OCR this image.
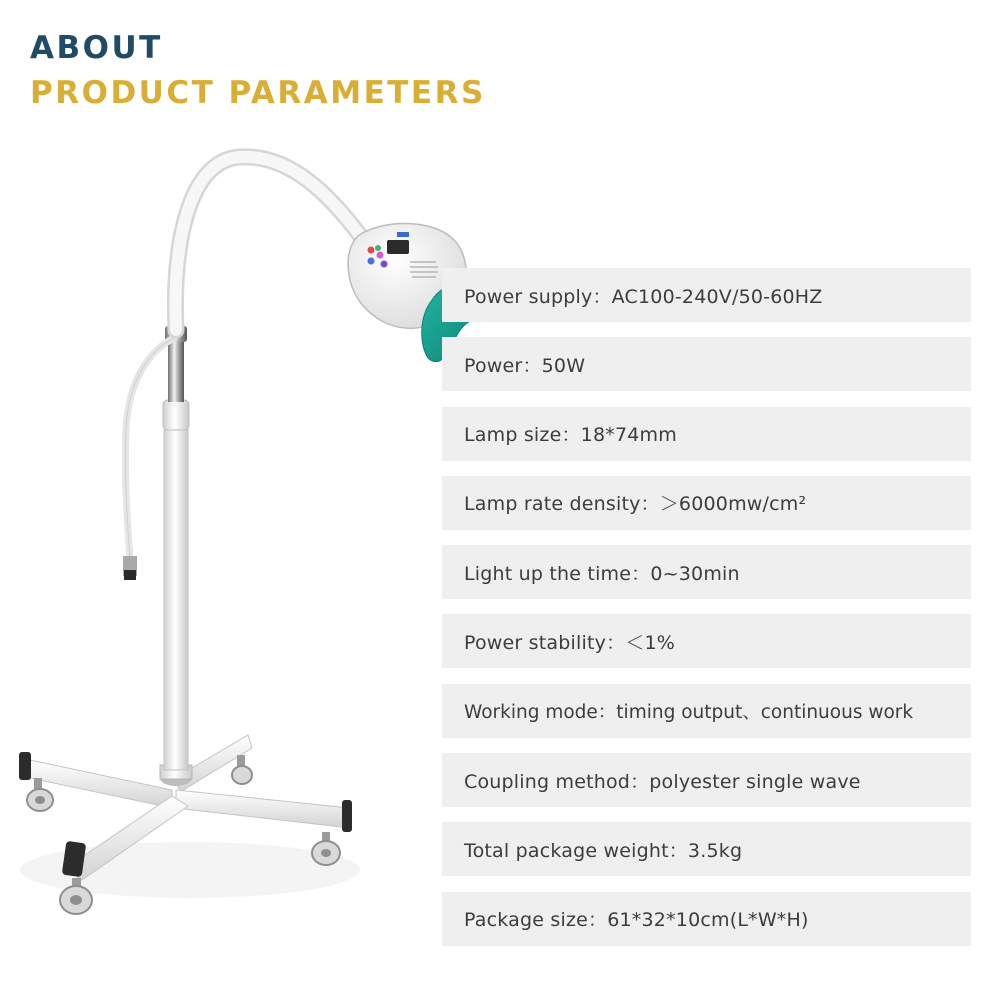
ABOUT
PRODUCT PARAMETERS
Power supply：AC100-240V/50-60HZ
Power：50W
Lamp size：18*74mm
Lamp rate density：＞6000mw/cm²
Light up the time：0~30min
Power stability：＜1%
Working mode：timing output、continuous work
Coupling method：polyester single wave
Total package weight：3.5kg
Package size：61*32*10cm(L*W*H)
